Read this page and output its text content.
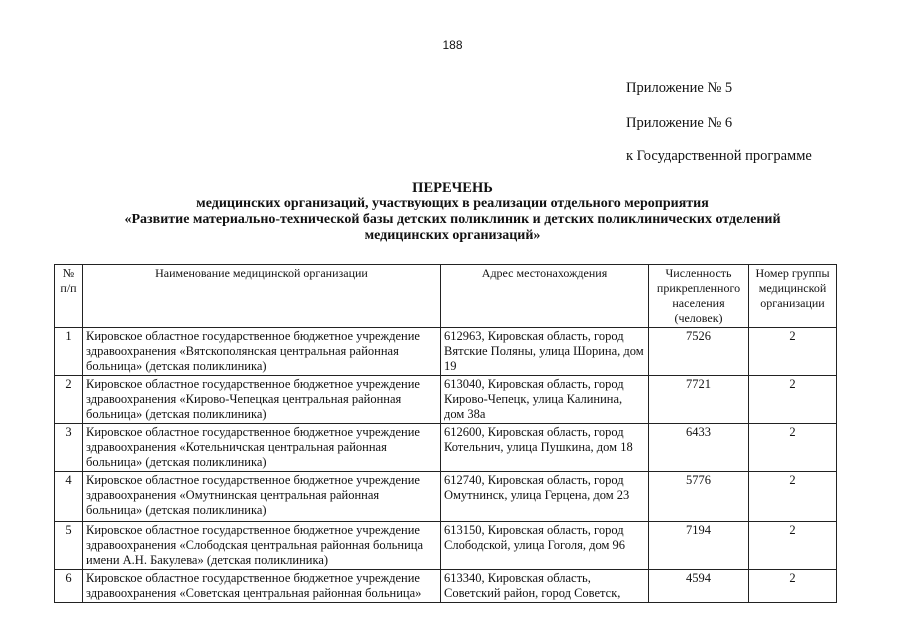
188
Приложение № 5
Приложение № 6
к Государственной программе
ПЕРЕЧЕНЬ
медицинских организаций, участвующих в реализации отдельного мероприятия
«Развитие материально-технической базы детских поликлиник и детских поликлинических отделений
медицинских организаций»
№ п/п	Наименование медицинской организации	Адрес местонахождения	Численность прикрепленного населения (человек)	Номер группы медицинской организации
1	Кировское областное государственное бюджетное учреждение здравоохранения «Вятскополянская центральная районная больница» (детская поликлиника)	612963, Кировская область, город Вятские Поляны, улица Шорина, дом 19	7526	2
2	Кировское областное государственное бюджетное учреждение здравоохранения «Кирово-Чепецкая центральная районная больница» (детская поликлиника)	613040, Кировская область, город Кирово-Чепецк, улица Калинина, дом 38а	7721	2
3	Кировское областное государственное бюджетное учреждение здравоохранения «Котельничская центральная районная больница» (детская поликлиника)	612600, Кировская область, город Котельнич, улица Пушкина, дом 18	6433	2
4	Кировское областное государственное бюджетное учреждение здравоохранения «Омутнинская центральная районная больница» (детская поликлиника)	612740, Кировская область, город Омутнинск, улица Герцена, дом 23	5776	2
5	Кировское областное государственное бюджетное учреждение здравоохранения «Слободская центральная районная больница имени А.Н. Бакулева» (детская поликлиника)	613150, Кировская область, город Слободской, улица Гоголя, дом 96	7194	2
6	Кировское областное государственное бюджетное учреждение здравоохранения «Советская центральная районная больница»	613340, Кировская область, Советский район, город Советск,	4594	2
